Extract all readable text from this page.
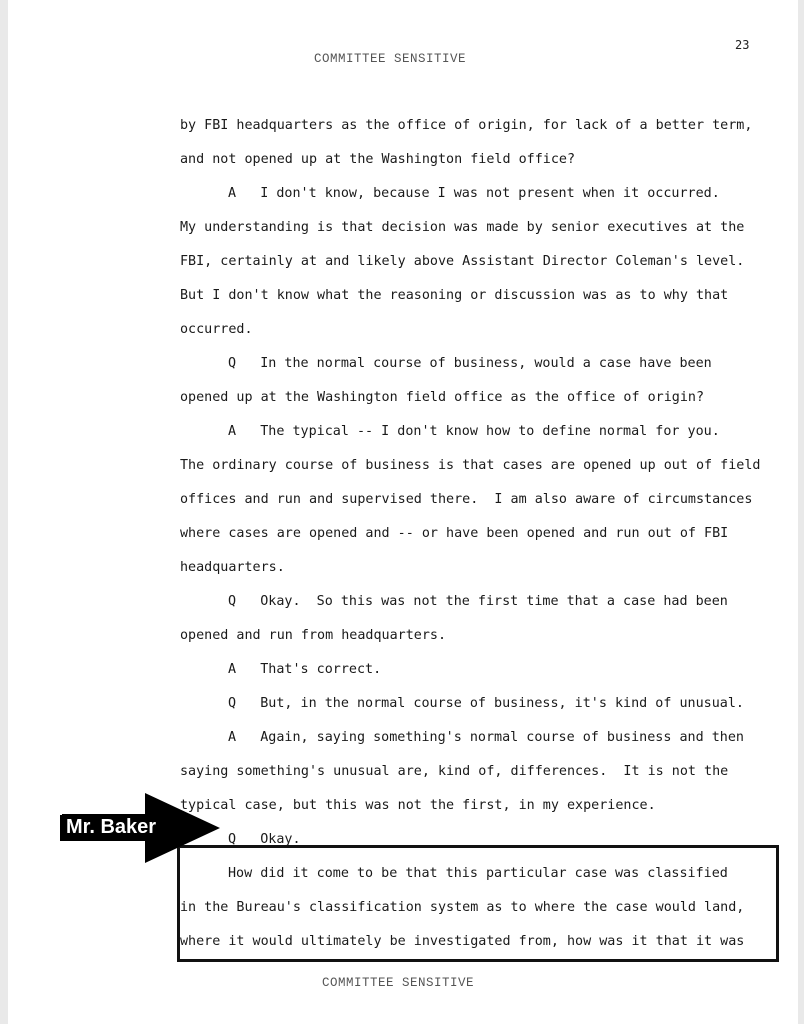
23
COMMITTEE SENSITIVE
by FBI headquarters as the office of origin, for lack of a better term,
and not opened up at the Washington field office?
A   I don't know, because I was not present when it occurred.
My understanding is that decision was made by senior executives at the
FBI, certainly at and likely above Assistant Director Coleman's level.
But I don't know what the reasoning or discussion was as to why that
occurred.
Q   In the normal course of business, would a case have been
opened up at the Washington field office as the office of origin?
A   The typical -- I don't know how to define normal for you.
The ordinary course of business is that cases are opened up out of field
offices and run and supervised there.  I am also aware of circumstances
where cases are opened and -- or have been opened and run out of FBI
headquarters.
Q   Okay.  So this was not the first time that a case had been
opened and run from headquarters.
A   That's correct.
Q   But, in the normal course of business, it's kind of unusual.
A   Again, saying something's normal course of business and then
saying something's unusual are, kind of, differences.  It is not the
typical case, but this was not the first, in my experience.
Q   Okay.
How did it come to be that this particular case was classified
in the Bureau's classification system as to where the case would land,
where it would ultimately be investigated from, how was it that it was
Mr. Baker
COMMITTEE SENSITIVE
